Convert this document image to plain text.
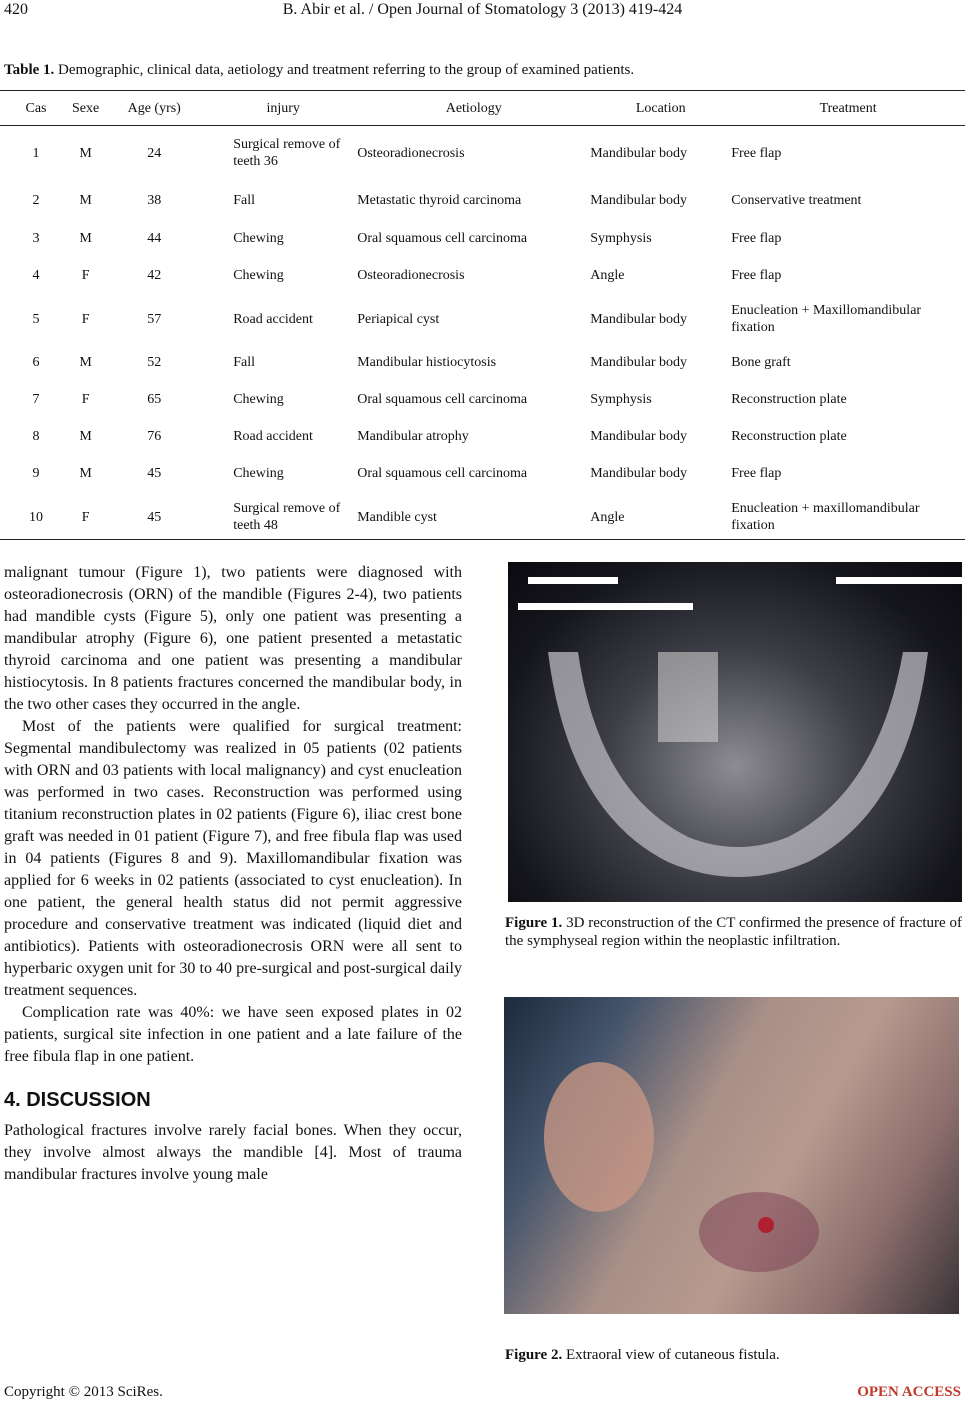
B. Abir et al. / Open Journal of Stomatology 3 (2013) 419-424
420
Table 1. Demographic, clinical data, aetiology and treatment referring to the group of examined patients.
Cas	Sexe	Age (yrs)	injury	Aetiology	Location	Treatment
1	M	24	Surgical remove of teeth 36	Osteoradionecrosis	Mandibular body	Free flap
2	M	38	Fall	Metastatic thyroid carcinoma	Mandibular body	Conservative treatment
3	M	44	Chewing	Oral squamous cell carcinoma	Symphysis	Free flap
4	F	42	Chewing	Osteoradionecrosis	Angle	Free flap
5	F	57	Road accident	Periapical cyst	Mandibular body	Enucleation + Maxillomandibular fixation
6	M	52	Fall	Mandibular histiocytosis	Mandibular body	Bone graft
7	F	65	Chewing	Oral squamous cell carcinoma	Symphysis	Reconstruction plate
8	M	76	Road accident	Mandibular atrophy	Mandibular body	Reconstruction plate
9	M	45	Chewing	Oral squamous cell carcinoma	Mandibular body	Free flap
10	F	45	Surgical remove of teeth 48	Mandible cyst	Angle	Enucleation + maxillomandibular fixation

malignant tumour (Figure 1), two patients were diagnosed with osteoradionecrosis (ORN) of the mandible (Figures 2-4), two patients had mandible cysts (Figure 5), only one patient was presenting a mandibular atrophy (Figure 6), one patient presented a metastatic thyroid carcinoma and one patient was presenting a mandibular histiocytosis. In 8 patients fractures concerned the mandibular body, in the two other cases they occurred in the angle.

Most of the patients were qualified for surgical treatment: Segmental mandibulectomy was realized in 05 patients (02 patients with ORN and 03 patients with local malignancy) and cyst enucleation was performed in two cases. Reconstruction was performed using titanium reconstruction plates in 02 patients (Figure 6), iliac crest bone graft was needed in 01 patient (Figure 7), and free fibula flap was used in 04 patients (Figures 8 and 9). Maxillomandibular fixation was applied for 6 weeks in 02 patients (associated to cyst enucleation). In one patient, the general health status did not permit aggressive procedure and conservative treatment was indicated (liquid diet and antibiotics). Patients with osteoradionecrosis ORN were all sent to hyperbaric oxygen unit for 30 to 40 pre-surgical and post-surgical daily treatment sequences.

Complication rate was 40%: we have seen exposed plates in 02 patients, surgical site infection in one patient and a late failure of the free fibula flap in one patient.

4. DISCUSSION

Pathological fractures involve rarely facial bones. When they occur, they involve almost always the mandible [4]. Most of trauma mandibular fractures involve young male

Figure 1. 3D reconstruction of the CT confirmed the presence of fracture of the symphyseal region within the neoplastic infiltration.
Figure 2. Extraoral view of cutaneous fistula.
Copyright © 2013 SciRes.	OPEN ACCESS
